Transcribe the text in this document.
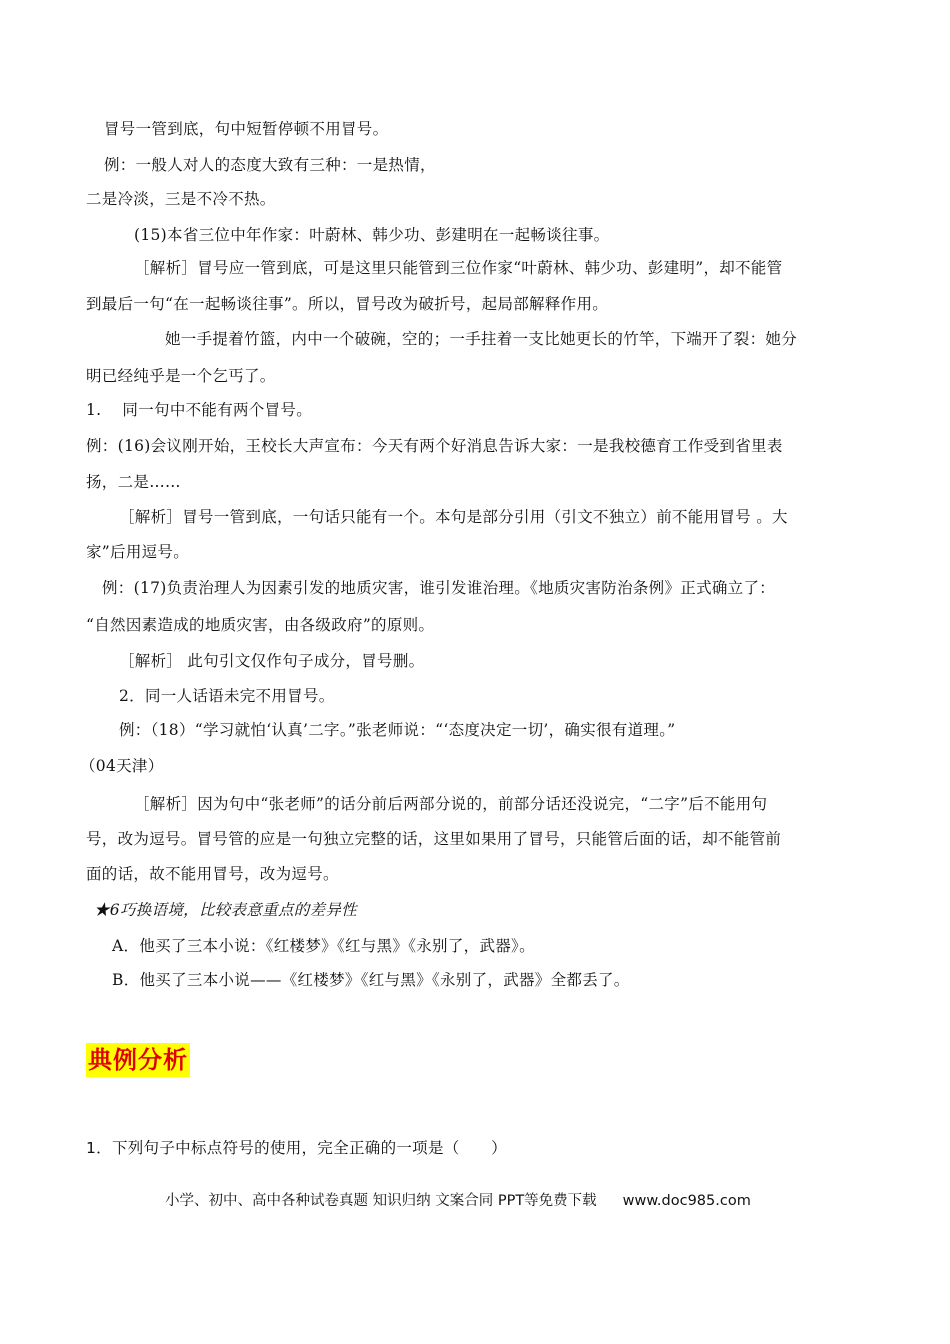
冒号一管到底，句中短暂停顿不用冒号。
例：一般人对人的态度大致有三种：一是热情，
二是冷淡，三是不冷不热。
(15)本省三位中年作家：叶蔚林、韩少功、彭建明在一起畅谈往事。
［解析］冒号应一管到底，可是这里只能管到三位作家“叶蔚林、韩少功、彭建明”，却不能管
到最后一句“在一起畅谈往事”。所以，冒号改为破折号，起局部解释作用。
她一手提着竹篮，内中一个破碗，空的；一手拄着一支比她更长的竹竿，下端开了裂：她分
明已经纯乎是一个乞丐了。
1.　 同一句中不能有两个冒号。
例：(16)会议刚开始，王校长大声宣布：今天有两个好消息告诉大家：一是我校德育工作受到省里表
扬，二是……
［解析］冒号一管到底，一句话只能有一个。本句是部分引用（引文不独立）前不能用冒号 。大
家”后用逗号。
例：(17)负责治理人为因素引发的地质灾害，谁引发谁治理。《地质灾害防治条例》正式确立了：
“自然因素造成的地质灾害，由各级政府”的原则。
［解析］ 此句引文仅作句子成分，冒号删。
2．同一人话语未完不用冒号。
例：（18）“学习就怕‘认真’二字。”张老师说：“‘态度决定一切’，确实很有道理。”
（04天津）
［解析］因为句中“张老师”的话分前后两部分说的，前部分话还没说完，“二字”后不能用句
号，改为逗号。冒号管的应是一句独立完整的话，这里如果用了冒号，只能管后面的话，却不能管前
面的话，故不能用冒号，改为逗号。
★6巧换语境，比较表意重点的差异性
A．他买了三本小说：《红楼梦》《红与黑》《永别了，武器》。
B．他买了三本小说——《红楼梦》《红与黑》《永别了，武器》全都丢了。
典例分析
1．下列句子中标点符号的使用，完全正确的一项是（　　）
小学、初中、高中各种试卷真题 知识归纳 文案合同 PPT等免费下载 www.doc985.com
